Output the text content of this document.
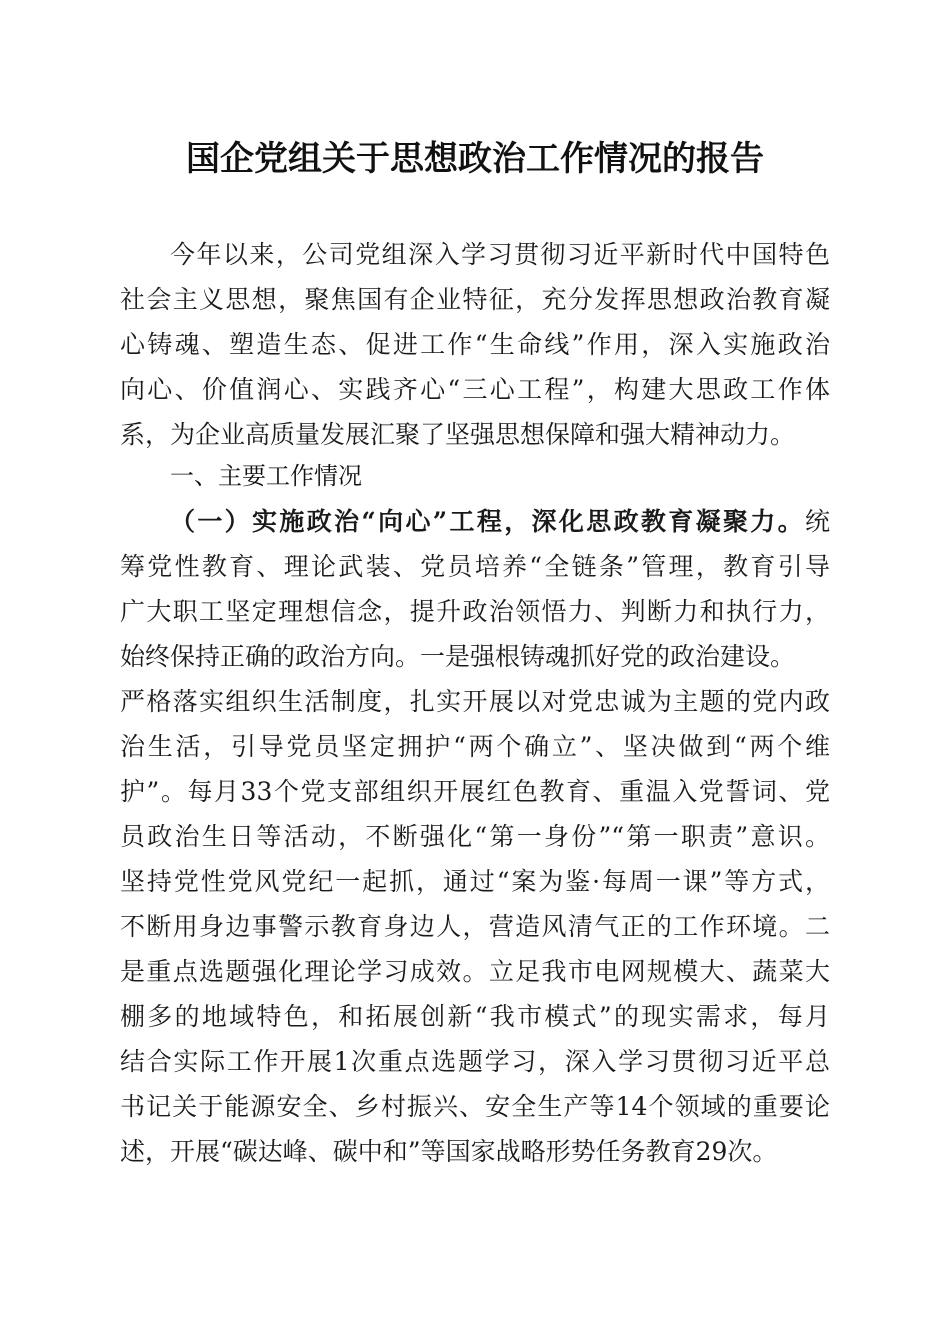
国企党组关于思想政治工作情况的报告
今年以来，公司党组深入学习贯彻习近平新时代中国特色
社会主义思想，聚焦国有企业特征，充分发挥思想政治教育凝
心铸魂、塑造生态、促进工作“生命线”作用，深入实施政治
向心、价值润心、实践齐心“三心工程”，构建大思政工作体
系，为企业高质量发展汇聚了坚强思想保障和强大精神动力。
一、主要工作情况
（一）实施政治“向心”工程，深化思政教育凝聚力。统
筹党性教育、理论武装、党员培养“全链条”管理，教育引导
广大职工坚定理想信念，提升政治领悟力、判断力和执行力，
始终保持正确的政治方向。一是强根铸魂抓好党的政治建设。
严格落实组织生活制度，扎实开展以对党忠诚为主题的党内政
治生活，引导党员坚定拥护“两个确立”、坚决做到“两个维
护”。每月33个党支部组织开展红色教育、重温入党誓词、党
员政治生日等活动，不断强化“第一身份”“第一职责”意识。
坚持党性党风党纪一起抓，通过“案为鉴·每周一课”等方式，
不断用身边事警示教育身边人，营造风清气正的工作环境。二
是重点选题强化理论学习成效。立足我市电网规模大、蔬菜大
棚多的地域特色，和拓展创新“我市模式”的现实需求，每月
结合实际工作开展1次重点选题学习，深入学习贯彻习近平总
书记关于能源安全、乡村振兴、安全生产等14个领域的重要论
述，开展“碳达峰、碳中和”等国家战略形势任务教育29次。
